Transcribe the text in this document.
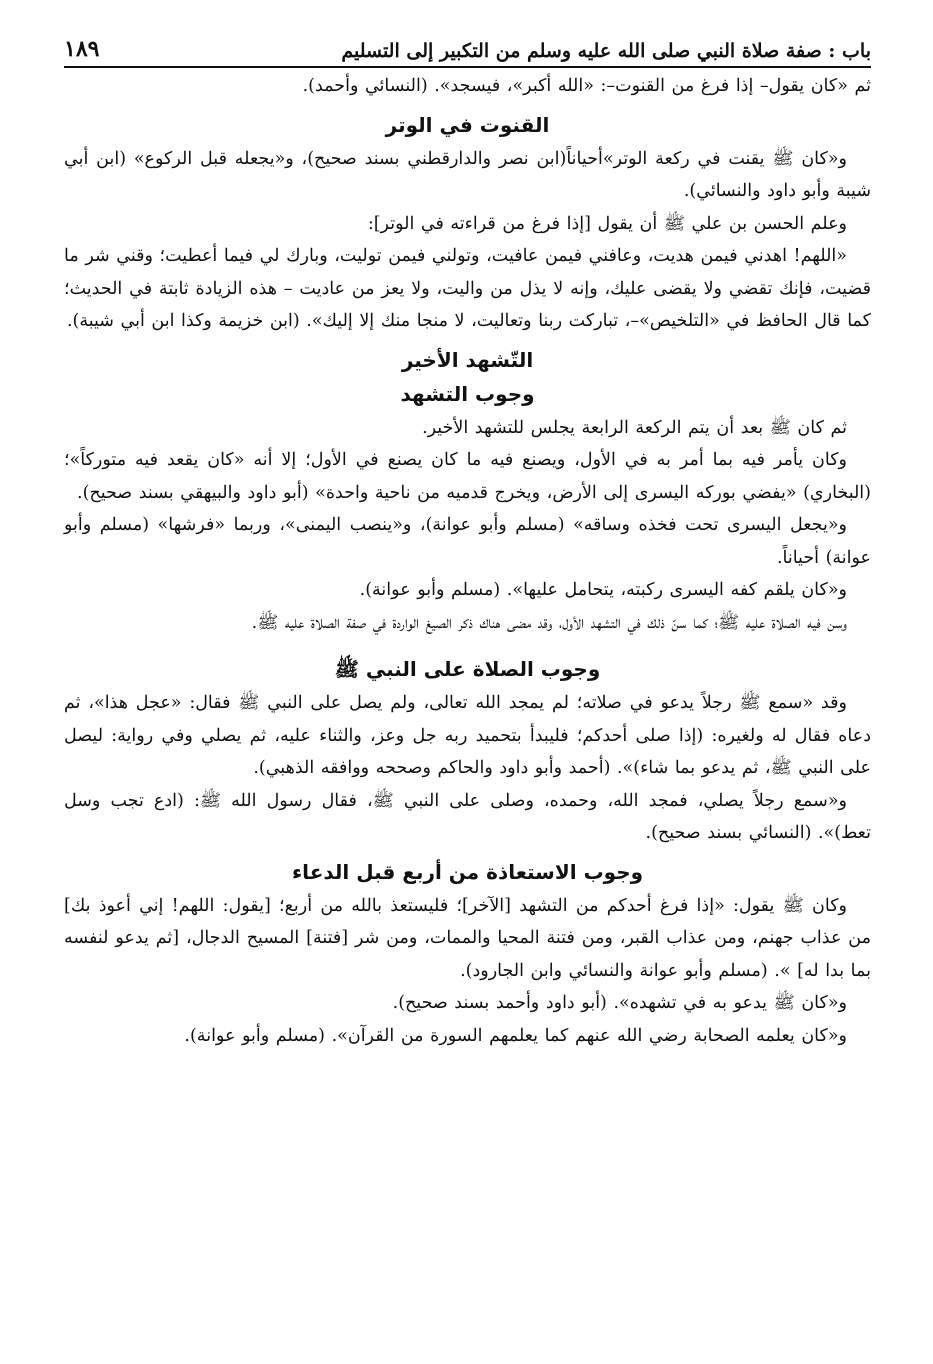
باب : صفة صلاة النبي صلى الله عليه وسلم من التكبير إلى التسليم
١٨٩

ثم «كان يقول– إذا فرغ من القنوت–: «الله أكبر»، فيسجد». (النسائي وأحمد).

القنوت في الوتر

و«كان ﷺ يقنت في ركعة الوتر»أحياناً(ابن نصر والدارقطني بسند صحيح)، و«يجعله قبل الركوع» (ابن أبي شيبة وأبو داود والنسائي).

وعلم الحسن بن علي ﷺ أن يقول [إذا فرغ من قراءته في الوتر]:

«اللهم! اهدني فيمن هديت، وعافني فيمن عافيت، وتولني فيمن توليت، وبارك لي فيما أعطيت؛ وقني شر ما قضيت، فإنك تقضي ولا يقضى عليك، وإنه لا يذل من واليت، ولا يعز من عاديت – هذه الزيادة ثابتة في الحديث؛ كما قال الحافظ في «التلخيص»–، تباركت ربنا وتعاليت، لا منجا منك إلا إليك». (ابن خزيمة وكذا ابن أبي شيبة).

التّشهد الأخير
وجوب التشهد

ثم كان ﷺ بعد أن يتم الركعة الرابعة يجلس للتشهد الأخير.

وكان يأمر فيه بما أمر به في الأول، ويصنع فيه ما كان يصنع في الأول؛ إلا أنه «كان يقعد فيه متوركاً»؛ (البخاري) «يفضي بوركه اليسرى إلى الأرض، ويخرج قدميه من ناحية واحدة» (أبو داود والبيهقي بسند صحيح).

و«يجعل اليسرى تحت فخذه وساقه» (مسلم وأبو عوانة)، و«ينصب اليمنى»، وربما «فرشها» (مسلم وأبو عوانة) أحياناً.

و«كان يلقم كفه اليسرى ركبته، يتحامل عليها». (مسلم وأبو عوانة).

وسن فيه الصلاة عليه ﷺ؛ كما سنّ ذلك في التشهد الأول، وقد مضى هناك ذكر الصيغ الواردة في صفة الصلاة عليه ﷺ.

وجوب الصلاة على النبي ﷺ

وقد «سمع ﷺ رجلاً يدعو في صلاته؛ لم يمجد الله تعالى، ولم يصل على النبي ﷺ فقال: «عجل هذا»، ثم دعاه فقال له ولغيره: (إذا صلى أحدكم؛ فليبدأ بتحميد ربه جل وعز، والثناء عليه، ثم يصلي وفي رواية: ليصل على النبي ﷺ، ثم يدعو بما شاء)». (أحمد وأبو داود والحاكم وصححه ووافقه الذهبي).

و«سمع رجلاً يصلي، فمجد الله، وحمده، وصلى على النبي ﷺ، فقال رسول الله ﷺ: (ادع تجب وسل تعط)». (النسائي بسند صحيح).

وجوب الاستعاذة من أربع قبل الدعاء

وكان ﷺ يقول: «إذا فرغ أحدكم من التشهد [الآخر]؛ فليستعذ بالله من أربع؛ [يقول: اللهم! إني أعوذ بك] من عذاب جهنم، ومن عذاب القبر، ومن فتنة المحيا والممات، ومن شر [فتنة] المسيح الدجال، [ثم يدعو لنفسه بما بدا له] ». (مسلم وأبو عوانة والنسائي وابن الجارود).

و«كان ﷺ يدعو به في تشهده». (أبو داود وأحمد بسند صحيح).

و«كان يعلمه الصحابة رضي الله عنهم كما يعلمهم السورة من القرآن». (مسلم وأبو عوانة).
